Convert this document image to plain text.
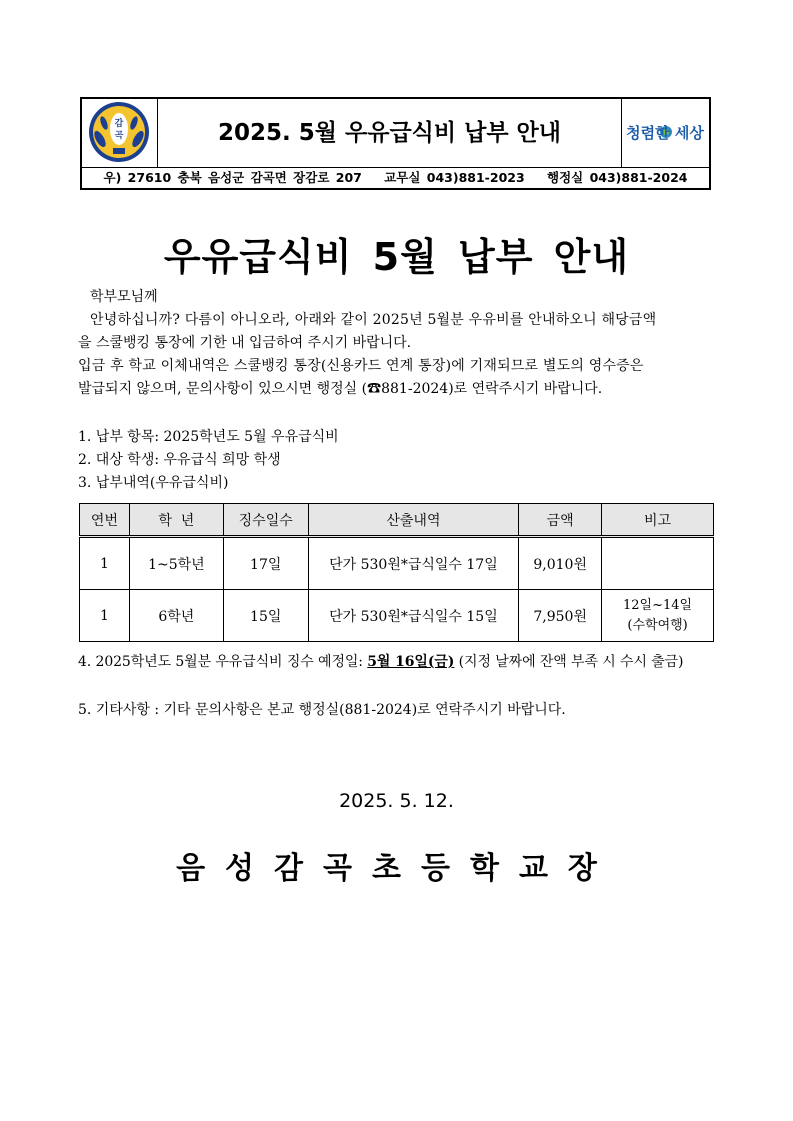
감
곡	2025. 5월 우유급식비 납부 안내	청렴한 세상
우) 27610 충북 음성군 감곡면 장감로 207 교무실 043)881-2023 행정실 043)881-2024
우유급식비 5월 납부 안내
학부모님께
안녕하십니까? 다름이 아니오라, 아래와 같이 2025년 5월분 우유비를 안내하오니 해당금액
을 스쿨뱅킹 통장에 기한 내 입금하여 주시기 바랍니다.
입금 후 학교 이체내역은 스쿨뱅킹 통장(신용카드 연계 통장)에 기재되므로 별도의 영수증은
발급되지 않으며, 문의사항이 있으시면 행정실 (☎881-2024)로 연락주시기 바랍니다.
1. 납부 항목: 2025학년도 5월 우유급식비
2. 대상 학생: 우유급식 희망 학생
3. 납부내역(우유급식비)
연번	학  년	징수일수	산출내역	금액	비고
1	1~5학년	17일	단가 530원*급식일수 17일	9,010원	
1	6학년	15일	단가 530원*급식일수 15일	7,950원	12일~14일
(수학여행)
4. 2025학년도 5월분 우유급식비 징수 예정일: 5월 16일(금) (지정 날짜에 잔액 부족 시 수시 출금)
5. 기타사항 : 기타 문의사항은 본교 행정실(881-2024)로 연락주시기 바랍니다.
2025. 5. 12.
음성감곡초등학교장
